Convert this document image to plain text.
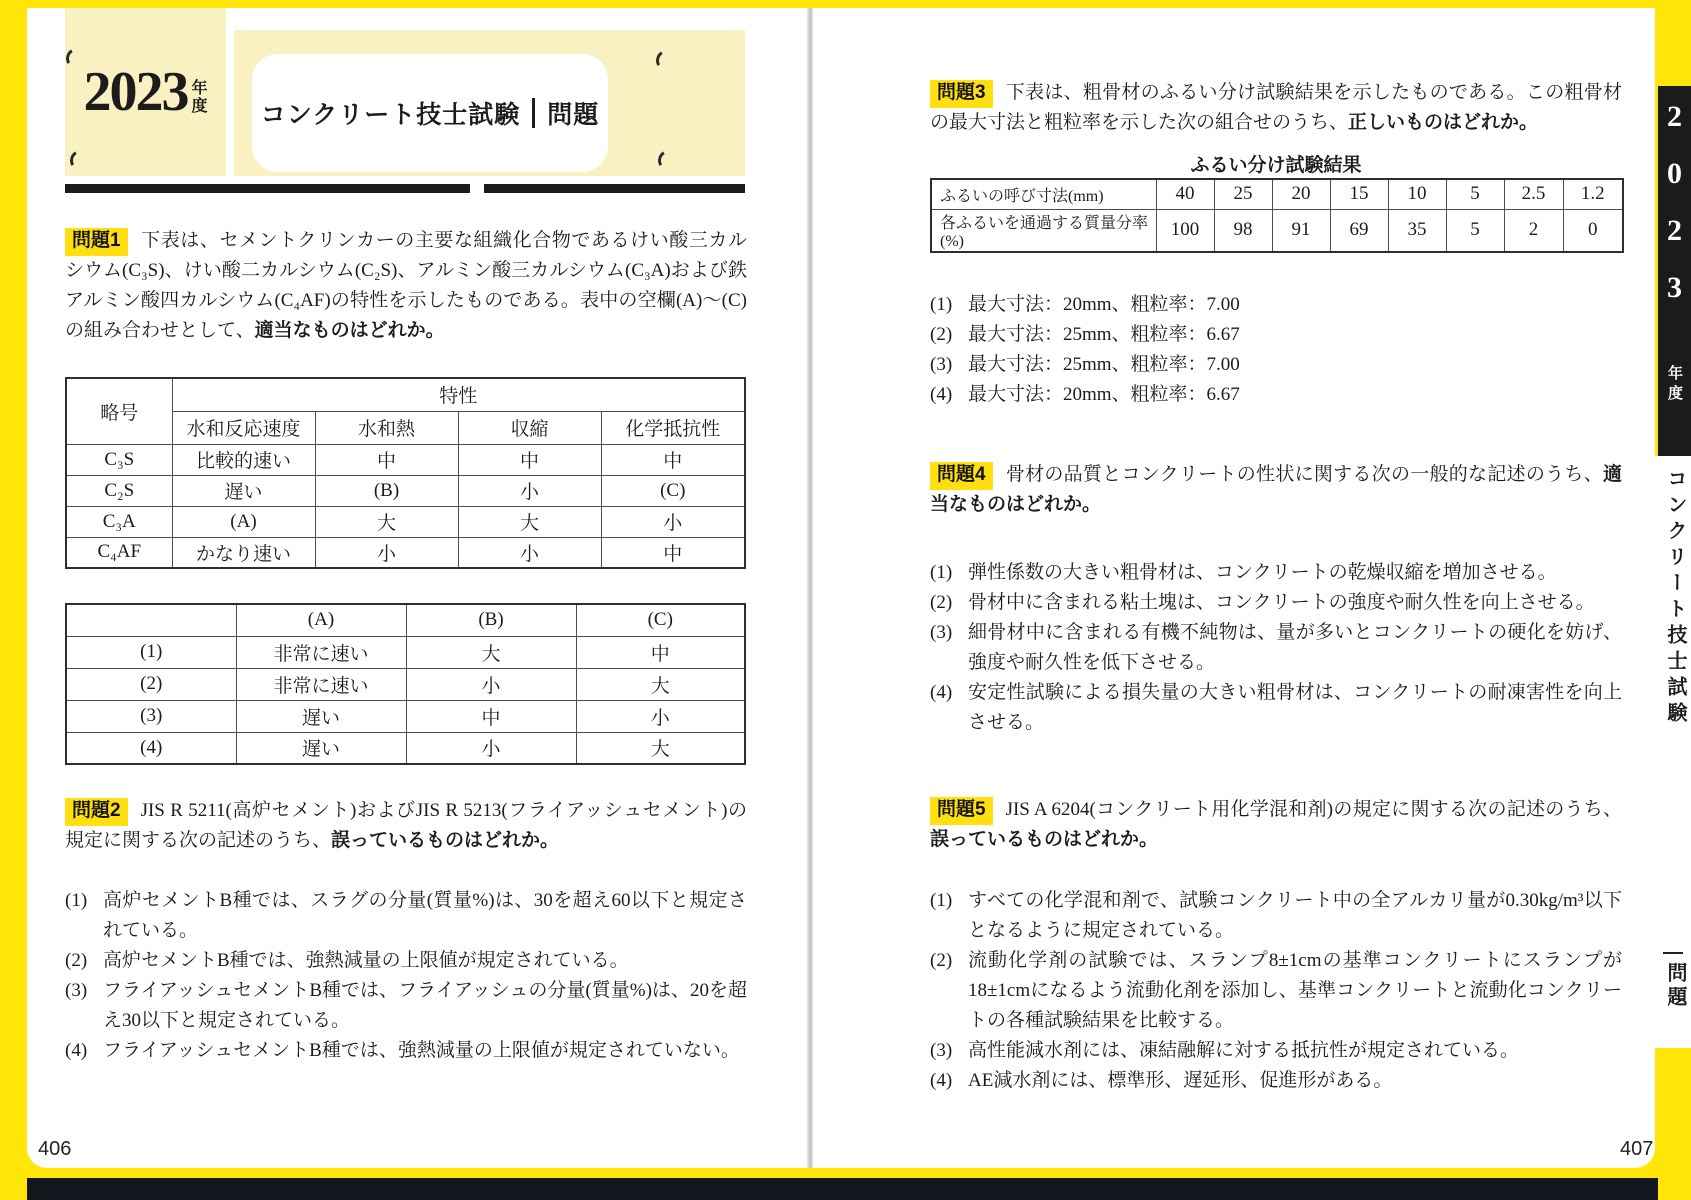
2023 年
度 コンクリート技士試験 問題

問題1 下表は、セメントクリンカーの主要な組織化合物であるけい酸三カルシウム(C₃S)、けい酸二カルシウム(C₂S)、アルミン酸三カルシウム(C₃A)および鉄アルミン酸四カルシウム(C₄AF)の特性を示したものである。表中の空欄(A)〜(C)の組み合わせとして、適当なものはどれか。

略号	特性			
	水和反応速度	水和熱	収縮	化学抵抗性
C₃S	比較的速い	中	中	中
C₂S	遅い	(B)	小	(C)
C₃A	(A)	大	大	小
C₄AF	かなり速い	小	小	中
	(A)	(B)	(C)
(1)	非常に速い	大	中
(2)	非常に速い	小	大
(3)	遅い	中	小
(4)	遅い	小	大

問題2 JIS R 5211(高炉セメント)およびJIS R 5213(フライアッシュセメント)の規定に関する次の記述のうち、誤っているものはどれか。

(1) 高炉セメントB種では、スラグの分量(質量%)は、30を超え60以下と規定されている。
(2) 高炉セメントB種では、強熱減量の上限値が規定されている。
(3) フライアッシュセメントB種では、フライアッシュの分量(質量%)は、20を超え30以下と規定されている。
(4) フライアッシュセメントB種では、強熱減量の上限値が規定されていない。
406

問題3 下表は、粗骨材のふるい分け試験結果を示したものである。この粗骨材の最大寸法と粗粒率を示した次の組合せのうち、正しいものはどれか。

ふるい分け試験結果
ふるいの呼び寸法(mm)	40	25	20	15	10	5	2.5	1.2
各ふるいを通過する質量分率(%)	100	98	91	69	35	5	2	0
(1) 最大寸法：20mm、粗粒率：7.00
(2) 最大寸法：25mm、粗粒率：6.67
(3) 最大寸法：25mm、粗粒率：7.00
(4) 最大寸法：20mm、粗粒率：6.67

問題4 骨材の品質とコンクリートの性状に関する次の一般的な記述のうち、適当なものはどれか。

(1) 弾性係数の大きい粗骨材は、コンクリートの乾燥収縮を増加させる。
(2) 骨材中に含まれる粘土塊は、コンクリートの強度や耐久性を向上させる。
(3) 細骨材中に含まれる有機不純物は、量が多いとコンクリートの硬化を妨げ、強度や耐久性を低下させる。
(4) 安定性試験による損失量の大きい粗骨材は、コンクリートの耐凍害性を向上させる。

問題5 JIS A 6204(コンクリート用化学混和剤)の規定に関する次の記述のうち、誤っているものはどれか。

(1) すべての化学混和剤で、試験コンクリート中の全アルカリ量が0.30kg/m³以下となるように規定されている。
(2) 流動化学剤の試験では、スランプ8±1cmの基準コンクリートにスランプが18±1cmになるよう流動化剤を添加し、基準コンクリートと流動化コンクリートの各種試験結果を比較する。
(3) 高性能減水剤には、凍結融解に対する抵抗性が規定されている。
(4) AE減水剤には、標準形、遅延形、促進形がある。
407
2023 年度
コンクリート技士試験
問題
